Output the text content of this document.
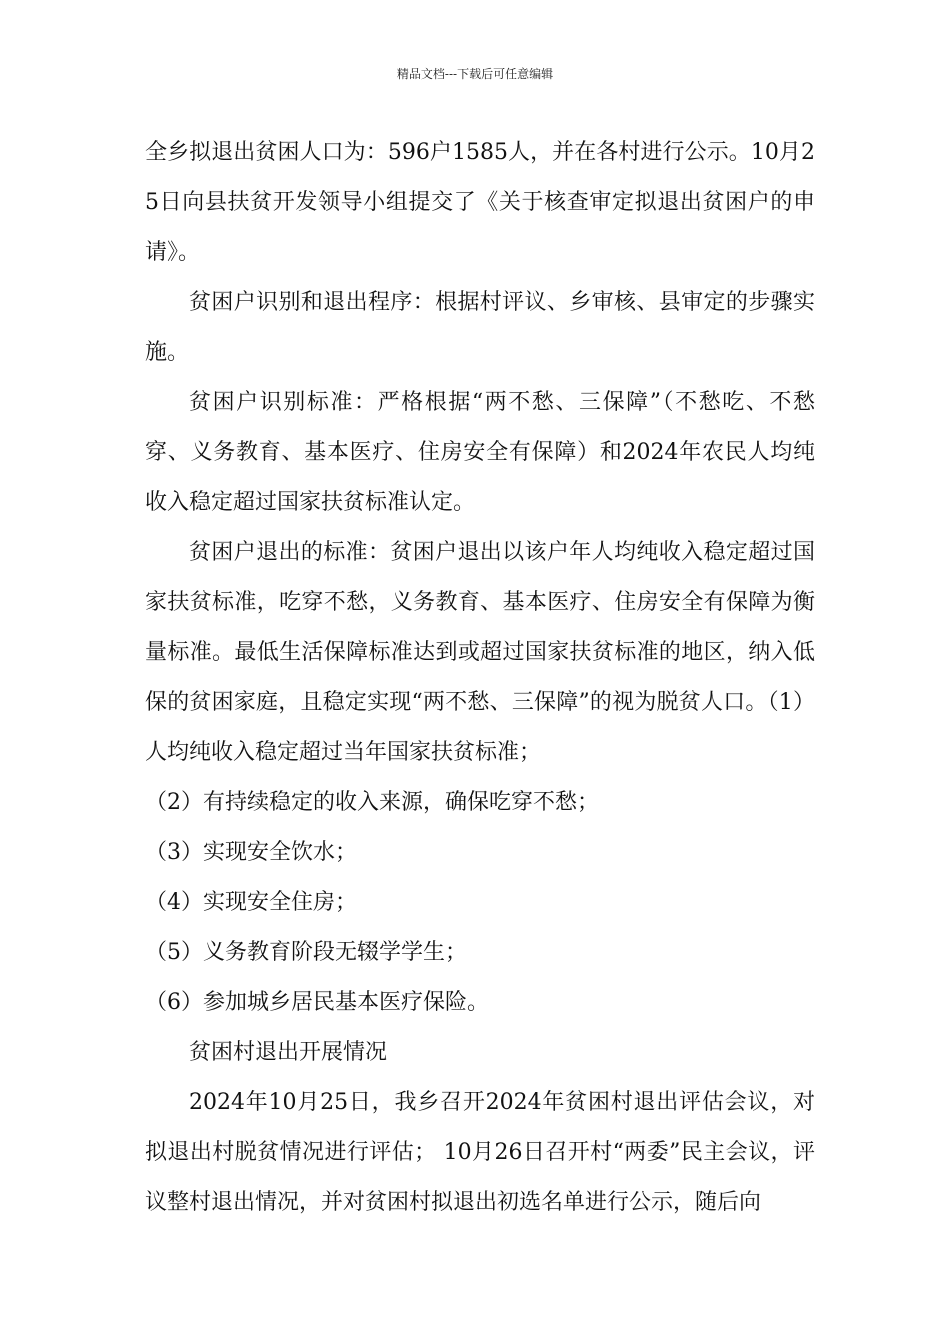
精品文档---下载后可任意编辑

全乡拟退出贫困人口为：596户1585人，并在各村进行公示。10月25日向县扶贫开发领导小组提交了《关于核查审定拟退出贫困户的申请》。

贫困户识别和退出程序：根据村评议、乡审核、县审定的步骤实施。

贫困户识别标准：严格根据“两不愁、三保障”（不愁吃、不愁穿、义务教育、基本医疗、住房安全有保障）和2024年农民人均纯收入稳定超过国家扶贫标准认定。

贫困户退出的标准：贫困户退出以该户年人均纯收入稳定超过国家扶贫标准，吃穿不愁，义务教育、基本医疗、住房安全有保障为衡量标准。最低生活保障标准达到或超过国家扶贫标准的地区，纳入低保的贫困家庭，且稳定实现“两不愁、三保障”的视为脱贫人口。（1）人均纯收入稳定超过当年国家扶贫标准；

（2）有持续稳定的收入来源，确保吃穿不愁；

（3）实现安全饮水；

（4）实现安全住房；

（5）义务教育阶段无辍学学生；

（6）参加城乡居民基本医疗保险。

贫困村退出开展情况

2024年10月25日，我乡召开2024年贫困村退出评估会议，对拟退出村脱贫情况进行评估； 10月26日召开村“两委”民主会议，评议整村退出情况，并对贫困村拟退出初选名单进行公示，随后向
